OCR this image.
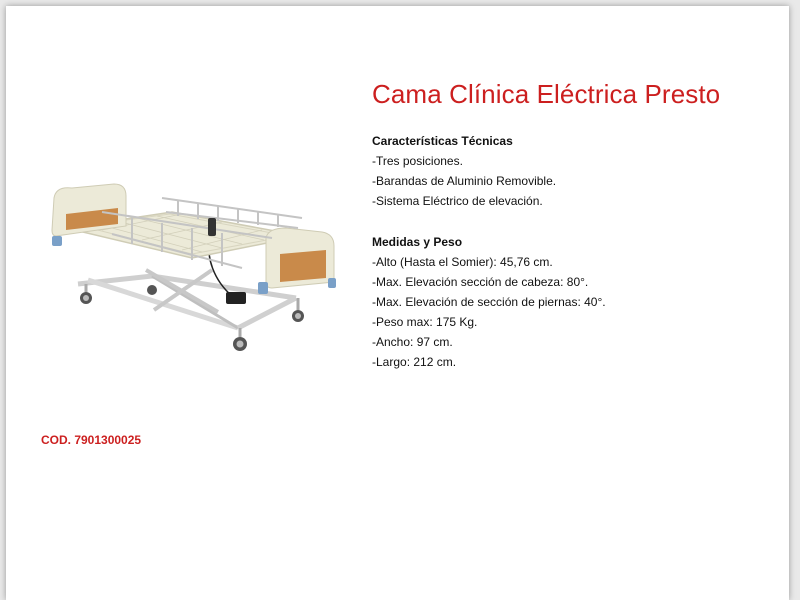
Cama Clínica Eléctrica Presto
Características Técnicas
-Tres posiciones.
-Barandas de Aluminio Removible.
-Sistema Eléctrico de elevación.
Medidas y Peso
-Alto (Hasta el Somier): 45,76 cm.
-Max. Elevación sección de cabeza: 80°.
-Max. Elevación de sección de piernas: 40°.
-Peso max: 175 Kg.
-Ancho: 97 cm.
-Largo: 212 cm.
COD. 7901300025
